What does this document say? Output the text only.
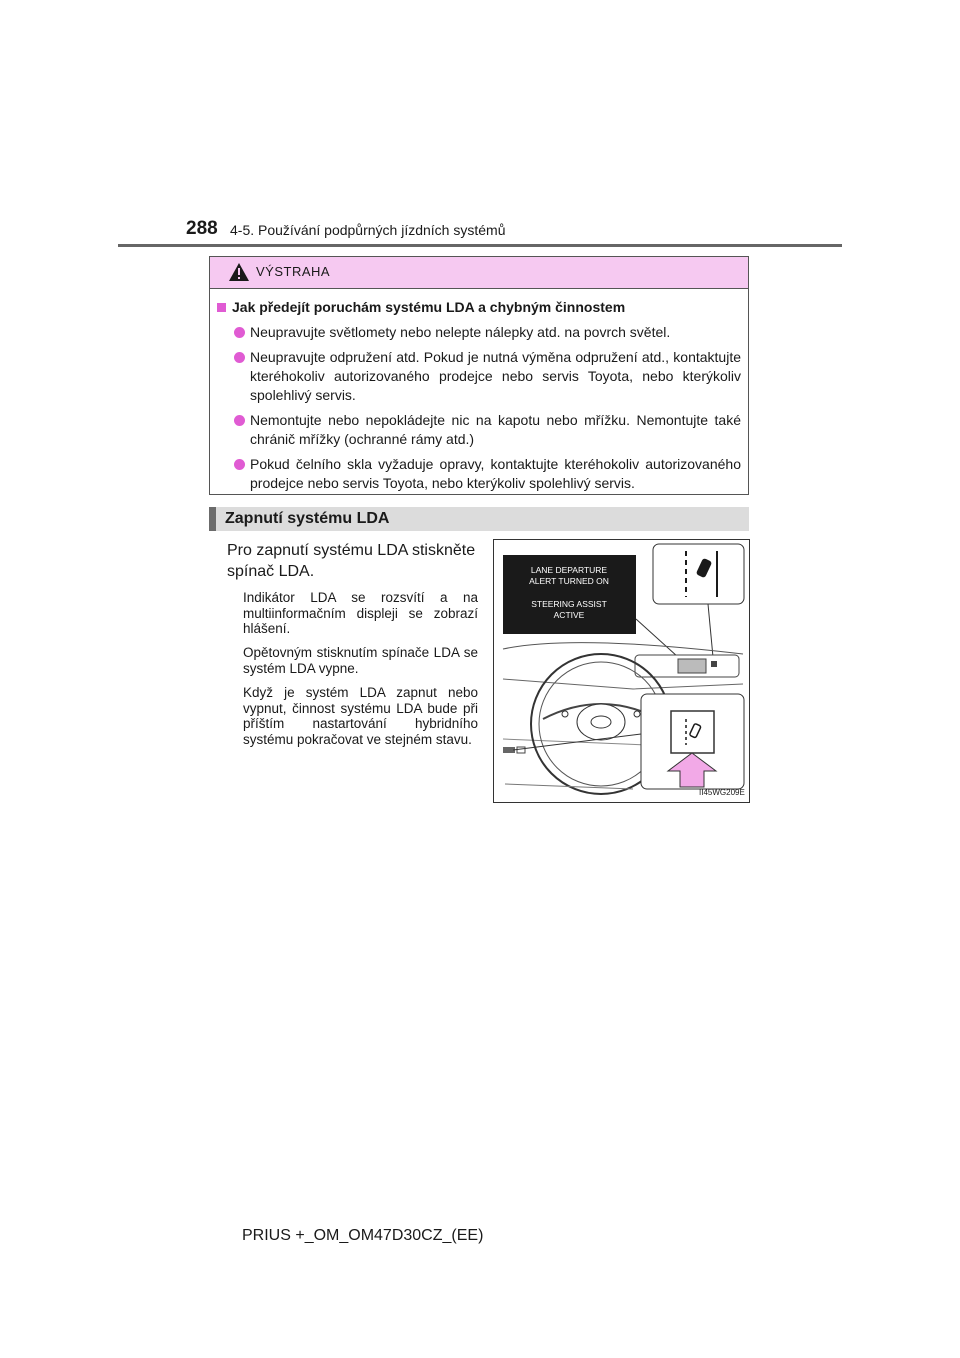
288 4-5. Používání podpůrných jízdních systémů
VÝSTRAHA
Jak předejít poruchám systému LDA a chybným činnostem
Neupravujte světlomety nebo nelepte nálepky atd. na povrch světel.
Neupravujte odpružení atd. Pokud je nutná výměna odpružení atd., kontaktujte kteréhokoliv autorizovaného prodejce nebo servis Toyota, nebo kterýkoliv spolehlivý servis.
Nemontujte nebo nepokládejte nic na kapotu nebo mřížku. Nemontujte také chránič mřížky (ochranné rámy atd.)
Pokud čelního skla vyžaduje opravy, kontaktujte kteréhokoliv autorizovaného prodejce nebo servis Toyota, nebo kterýkoliv spolehlivý servis.
Zapnutí systému LDA
Pro zapnutí systému LDA stiskněte spínač LDA.
Indikátor LDA se rozsvítí a na multiinformačním displeji se zobrazí hlášení.
Opětovným stisknutím spínače LDA se systém LDA vypne.
Když je systém LDA zapnut nebo vypnut, činnost systému LDA bude při příštím nastartování hybridního systému pokračovat ve stejném stavu.
LANE DEPARTURE
ALERT TURNED ON
STEERING ASSIST
ACTIVE
II45WG209E
PRIUS +_OM_OM47D30CZ_(EE)
